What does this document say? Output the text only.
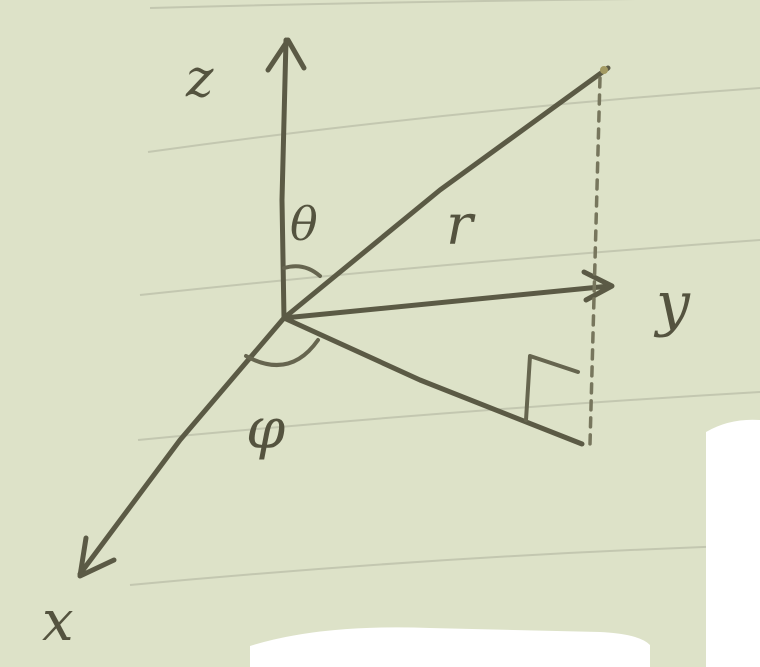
z
y
x
r
θ
φ
